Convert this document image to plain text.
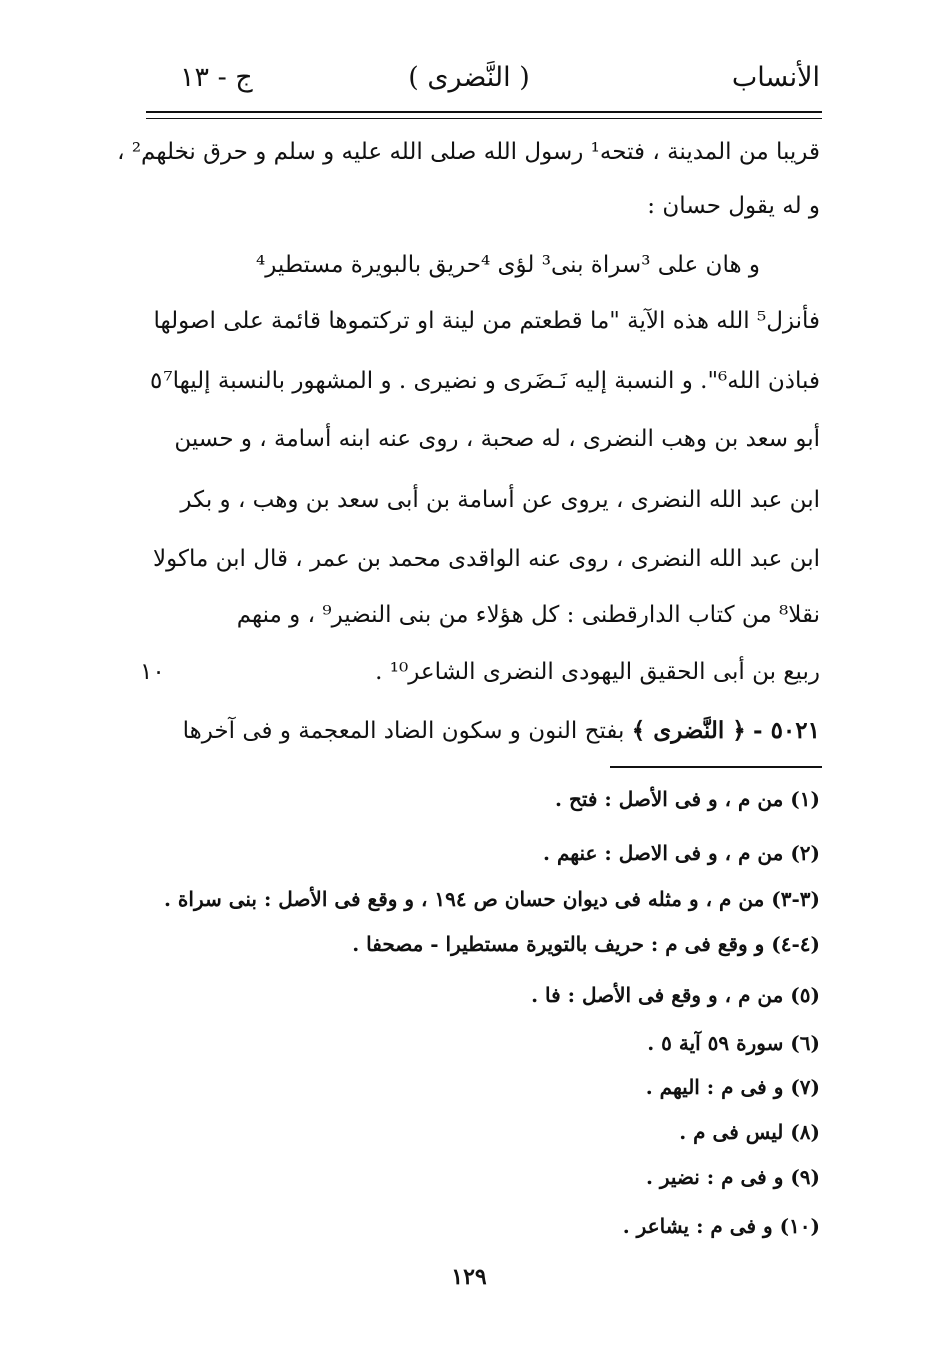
الأنساب
( النَّضرى )
ج - ١٣
قريبا من المدينة ، فتحه¹ رسول الله صلى الله عليه و سلم و حرق نخلهم² ،
و له يقول حسان :
و هان على ³سراة بنى³ لؤى ⁴حريق بالبويرة مستطير⁴
فأنزل⁵ الله هذه الآية "ما قطعتم من لينة او تركتموها قائمة على اصولها
فباذن الله⁶". و النسبة إليه نَـضَرى و نضيرى . و المشهور بالنسبة إليها⁷
أبو سعد بن وهب النضرى ، له صحبة ، روى عنه ابنه أسامة ، و حسين
ابن عبد الله النضرى ، يروى عن أسامة بن أبى سعد بن وهب ، و بكر
ابن عبد الله النضرى ، روى عنه الواقدى محمد بن عمر ، قال ابن ماكولا
نقلا⁸ من كتاب الدارقطنى : كل هؤلاء من بنى النضير⁹ ، و منهم
ربيع بن أبى الحقيق اليهودى النضرى الشاعر¹⁰ .
٥
١٠
٥٠٢١ - ﴿ النَّضرى ﴾ بفتح النون و سكون الضاد المعجمة و فى آخرها
(١) من م ، و فى الأصل : فتح .
(٢) من م ، و فى الاصل : عنهم .
(٣-٣) من م ، و مثله فى ديوان حسان ص ١٩٤ ، و وقع فى الأصل : بنى سراة .
(٤-٤) و وقع فى م : حريف بالتويرة مستطيرا - مصحفا .
(٥) من م ، و وقع فى الأصل : فا .
(٦) سورة ٥٩ آية ٥ .
(٧) و فى م : اليهم .
(٨) ليس فى م .
(٩) و فى م : نضير .
(١٠) و فى م : يشاعر .
١٢٩
